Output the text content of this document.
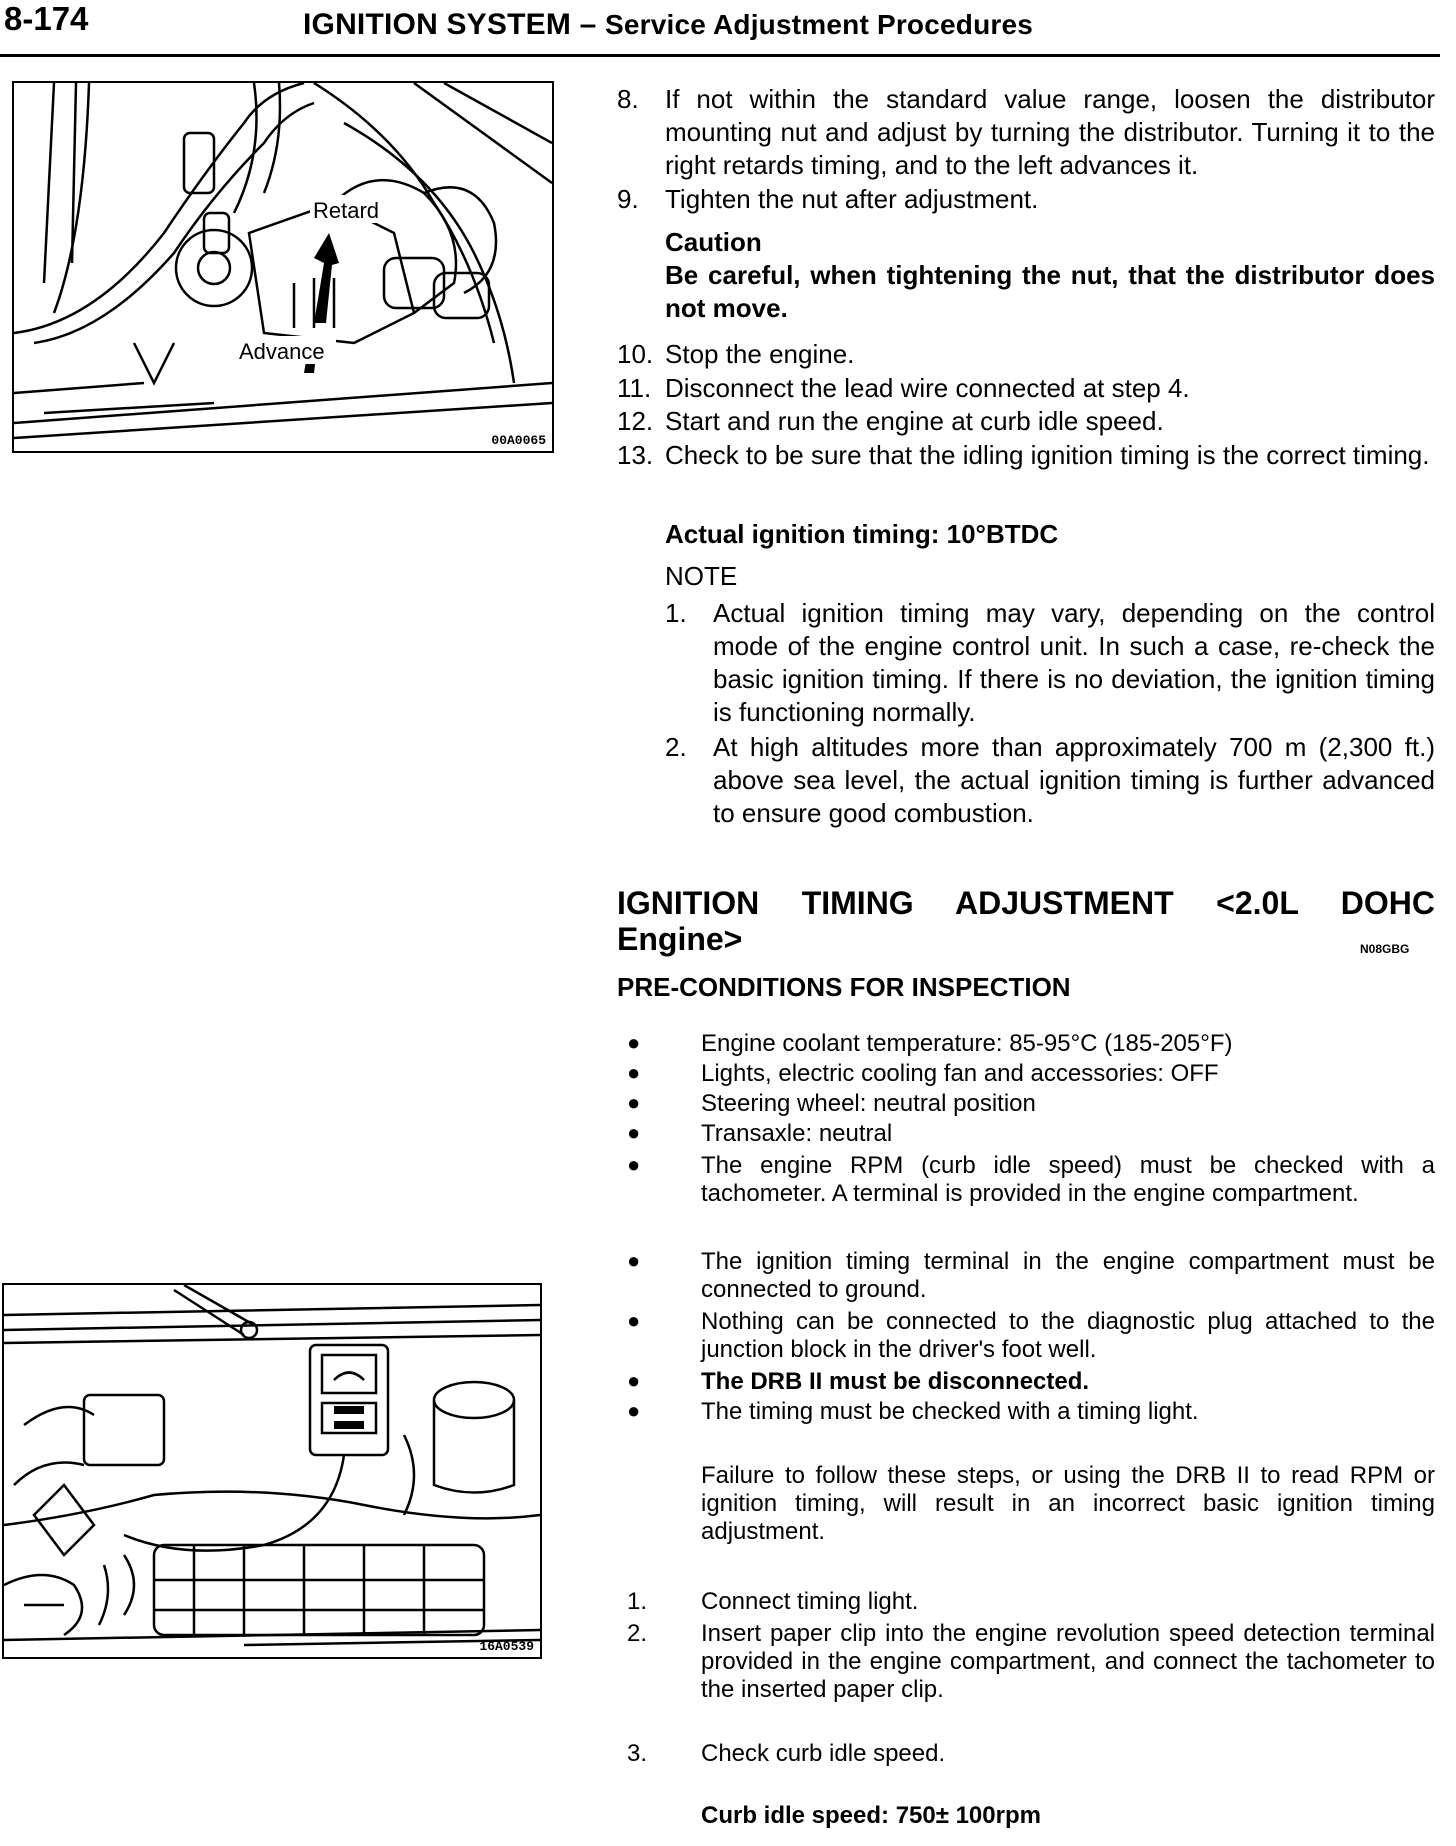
8-174	IGNITION SYSTEM – Service Adjustment Procedures
Retard
Advance
00A0065
16A0539
8. If not within the standard value range, loosen the distributor mounting nut and adjust by turning the distributor. Turning it to the right retards timing, and to the left advances it.
9. Tighten the nut after adjustment.
Caution
Be careful, when tightening the nut, that the distributor does not move.
10. Stop the engine.
11. Disconnect the lead wire connected at step 4.
12. Start and run the engine at curb idle speed.
13. Check to be sure that the idling ignition timing is the correct timing.
Actual ignition timing: 10°BTDC
NOTE
1. Actual ignition timing may vary, depending on the control mode of the engine control unit. In such a case, re-check the basic ignition timing. If there is no deviation, the ignition timing is functioning normally.
2. At high altitudes more than approximately 700 m (2,300 ft.) above sea level, the actual ignition timing is further advanced to ensure good combustion.
IGNITION TIMING ADJUSTMENT <2.0L DOHC
Engine>	N08GBG
PRE-CONDITIONS FOR INSPECTION
●	Engine coolant temperature: 85-95°C (185-205°F)
●	Lights, electric cooling fan and accessories: OFF
●	Steering wheel: neutral position
●	Transaxle: neutral
●	The engine RPM (curb idle speed) must be checked with a tachometer. A terminal is provided in the engine compartment.
●	The ignition timing terminal in the engine compartment must be connected to ground.
●	Nothing can be connected to the diagnostic plug attached to the junction block in the driver's foot well.
●	The DRB II must be disconnected.
●	The timing must be checked with a timing light.
Failure to follow these steps, or using the DRB II to read RPM or ignition timing, will result in an incorrect basic ignition timing adjustment.
1. Connect timing light.
2. Insert paper clip into the engine revolution speed detection terminal provided in the engine compartment, and connect the tachometer to the inserted paper clip.
3. Check curb idle speed.
Curb idle speed: 750± 100rpm
